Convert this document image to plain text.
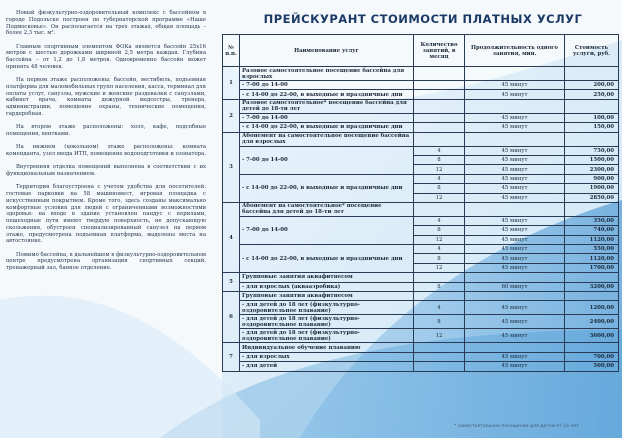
Новый физкультурно-оздоровительный комплекс с бассейном в городе Подольске построен по губернаторской программе «Наше Подмосковье». Он располагается на трех этажах, общая площадь – более 2,3 тыс. м².

Главным спортивным элементом ФОКа является бассейн 25х16 метров с шестью дорожками шириной 2,5 метра каждая. Глубина бассейна – от 1,2 до 1,8 метров. Одновременно бассейн может принять 48 человек.

На первом этаже расположены: бассейн, вестибюль, подъемная платформа для маломобильных групп населения, касса, терминал для оплаты услуг, санузлы, мужские и женские раздевалки с санузлами, кабинет врача, комнаты дежурной медсестры, тренера, администрации, помещение охраны, технические помещения, гардеробная.

На втором этаже расположены: холл, кафе, подсобные помещения, вентками.

На нижнем (цокольном) этаже расположены: комната коменданта, узел ввода ИТП, помещение водоподготовки и озонатора.

Внутренняя отделка помещений выполнена в соответствии с их функциональным назначением.

Территория благоустроена с учетом удобства для посетителей: гостевые парковки на 58 машиномест, игровая площадка с искусственным покрытием. Кроме того, здесь созданы максимально комфортные условия для людей с ограниченными возможностями здоровья: на входе в здание установлен пандус с перилами, пешеходные пути имеют твердую поверхность, не допускающую скольжения, обустроен специализированный санузел на первом этаже, предусмотрена подъемная платформа, выделены места на автостоянке.

Помимо бассейна, в дальнейшем в физкультурно-оздоровительном центре предусмотрена организация спортивных секций, тренажерный зал, банное отделение.

ПРЕЙСКУРАНТ СТОИМОСТИ ПЛАТНЫХ УСЛУГ
№ п.п.	Наименование услуг	Количество занятий, в месяц	Продолжительность одного занятия, мин.	Стоимость услуги, руб.
1	Разовое самостоятельное посещение бассейна для взрослых			
	- 7-00 до 14-00		45 минут	200,00
	- с 14-00 до 22-00, в выходные и праздничные дни		45 минут	250,00
2	Разовое самостоятельное* посещение бассейна для детей до 18-ти лет			
	- 7-00 до 14-00		45 минут	100,00
	- с 14-00 до 22-00, в выходные и праздничные дни		45 минут	150,00
3	Абонемент на самостоятельное посещение бассейна для взрослых			
	- 7-00 до 14-00	4	45 минут	750,00
		8	45 минут	1500,00
		12	45 минут	2300,00
	- с 14-00 до 22-00, в выходные и праздничные дни	4	45 минут	900,00
		8	45 минут	1900,00
		12	45 минут	2850,00
4	Абонемент на самостоятельное* посещение бассейна для детей до 18-ти лет			
	- 7-00 до 14-00	4	45 минут	350,00
		8	45 минут	740,00
		12	45 минут	1120,00
	- с 14-00 до 22-00, в выходные и праздничные дни	4	45 минут	550,00
		8	45 минут	1120,00
		12	45 минут	1700,00
5	Групповые занятия аквафитнесом			
	- для взрослых (аквааэробика)	8	60 минут	3200,00
6	Групповые занятия аквафитнесом			
	- для детей до 18 лет (физкультурно-оздоровительное плавание)	4	45 минут	1200,00
	- для детей до 18 лет (физкультурно-оздоровительное плавание)	8	45 минут	2400,00
	- для детей до 18 лет (физкультурно-оздоровительное плавание)	12	45 минут	3600,00
7	Индивидуальное обучение плаванию			
	- для взрослых		45 минут	700,00
	- для детей		45 минут	500,00
* самостоятельное посещение для детей от 14 лет
